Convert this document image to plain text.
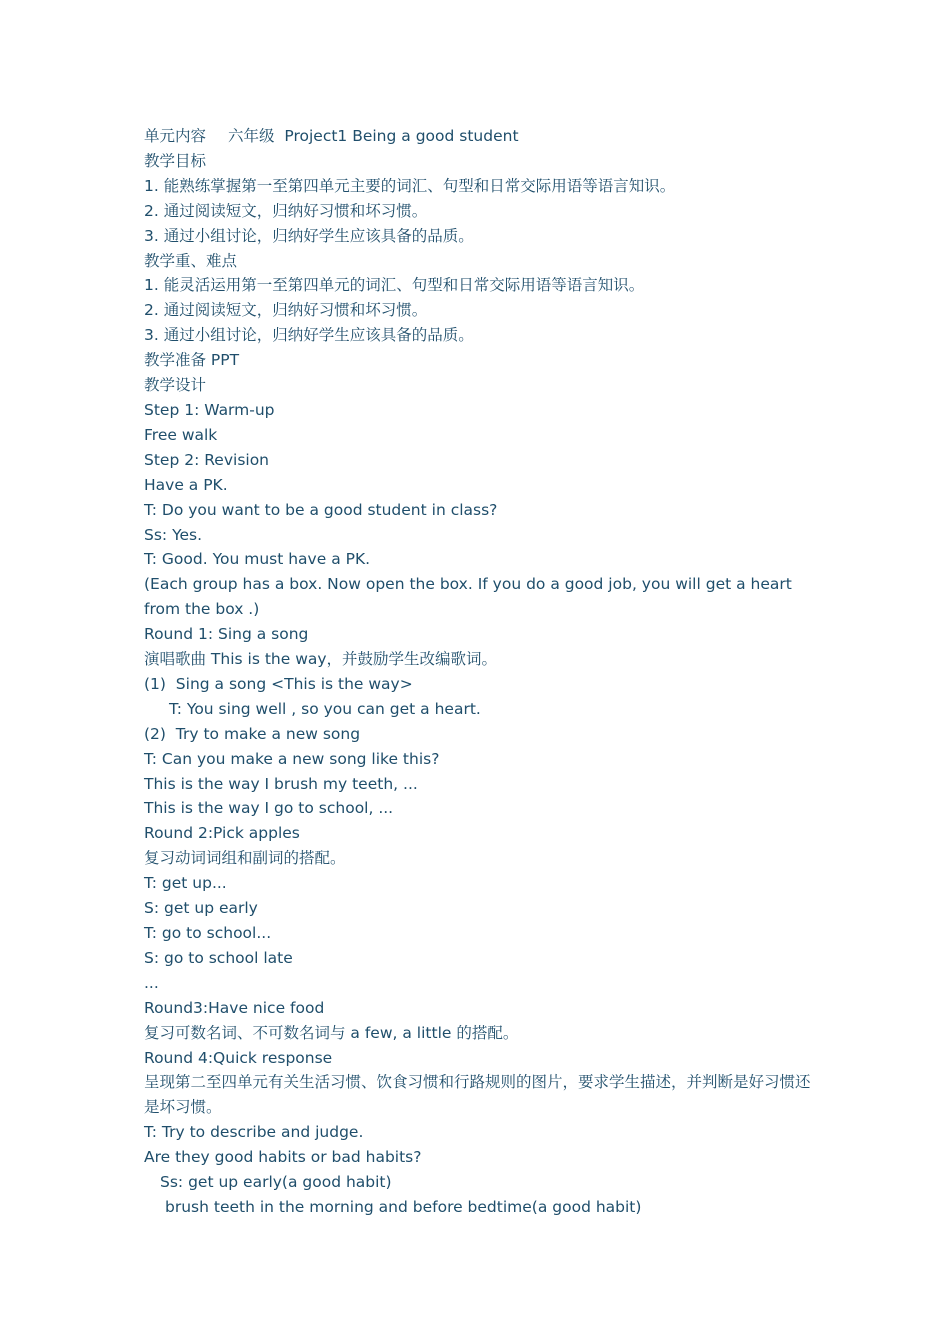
单元内容 六年级 Project1 Being a good student
教学目标
1. 能熟练掌握第一至第四单元主要的词汇、句型和日常交际用语等语言知识。
2. 通过阅读短文，归纳好习惯和坏习惯。
3. 通过小组讨论，归纳好学生应该具备的品质。
教学重、难点
1. 能灵活运用第一至第四单元的词汇、句型和日常交际用语等语言知识。
2. 通过阅读短文，归纳好习惯和坏习惯。
3. 通过小组讨论，归纳好学生应该具备的品质。
教学准备 PPT
教学设计
Step 1: Warm-up
Free walk
Step 2: Revision
Have a PK.
T: Do you want to be a good student in class?
Ss: Yes.
T: Good. You must have a PK.
(Each group has a box. Now open the box. If you do a good job, you will get a heart from the box .)
Round 1: Sing a song
演唱歌曲 This is the way，并鼓励学生改编歌词。
(1)  Sing a song <This is the way>
T: You sing well , so you can get a heart.
(2)  Try to make a new song
T: Can you make a new song like this?
This is the way I brush my teeth, ...
This is the way I go to school, ...
Round 2:Pick apples
复习动词词组和副词的搭配。
T: get up...
S: get up early
T: go to school...
S: go to school late
...
Round3:Have nice food
复习可数名词、不可数名词与 a few, a little 的搭配。
Round 4:Quick response
呈现第二至四单元有关生活习惯、饮食习惯和行路规则的图片，要求学生描述，并判断是好习惯还是坏习惯。
T: Try to describe and judge.
Are they good habits or bad habits?
Ss: get up early(a good habit)
brush teeth in the morning and before bedtime(a good habit)
